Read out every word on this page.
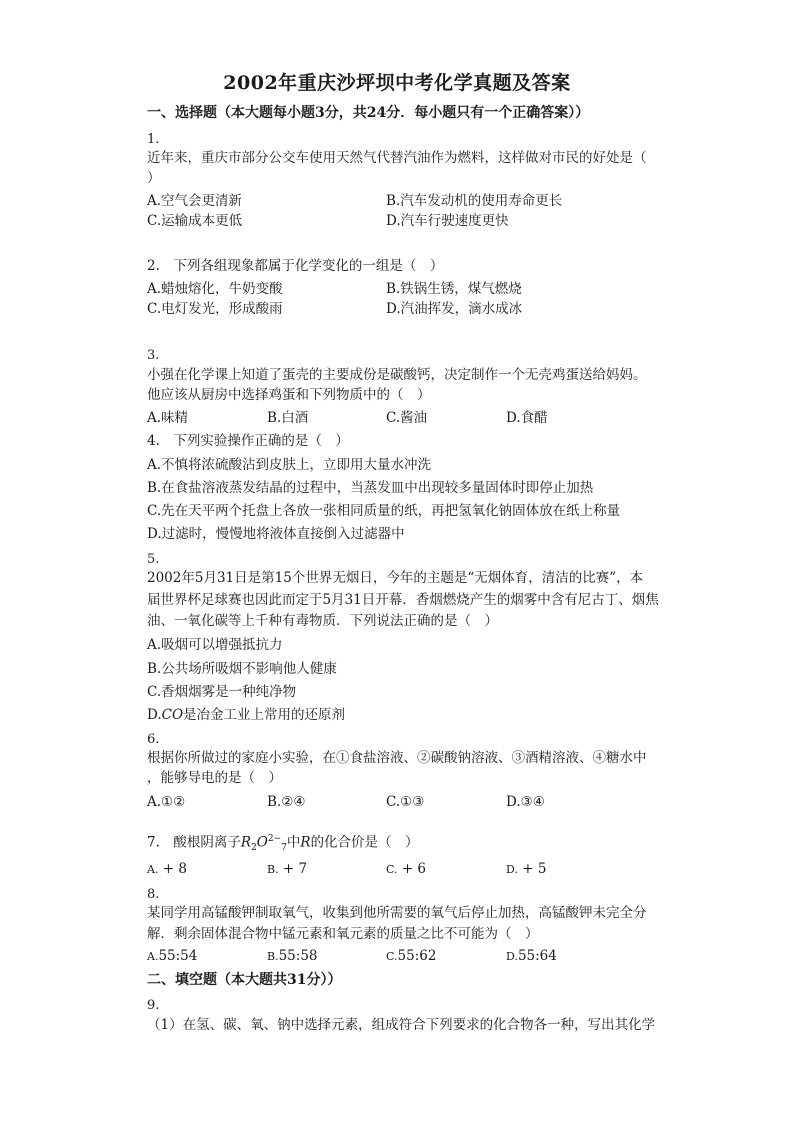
2002年重庆沙坪坝中考化学真题及答案
一、选择题（本大题每小题3分，共24分．每小题只有一个正确答案））
1.
近年来，重庆市部分公交车使用天然气代替汽油作为燃料，这样做对市民的好处是（
）
A.空气会更清新	B.汽车发动机的使用寿命更长
C.运输成本更低	D.汽车行驶速度更快
2.　下列各组现象都属于化学变化的一组是（　）
A.蜡烛熔化，牛奶变酸	B.铁锅生锈，煤气燃烧
C.电灯发光，形成酸雨	D.汽油挥发，滴水成冰
3.
小强在化学课上知道了蛋壳的主要成份是碳酸钙，决定制作一个无壳鸡蛋送给妈妈。
他应该从厨房中选择鸡蛋和下列物质中的（　）
A.味精	B.白酒	C.酱油	D.食醋
4.　下列实验操作正确的是（　）
A.不慎将浓硫酸沾到皮肤上，立即用大量水冲洗
B.在食盐溶液蒸发结晶的过程中，当蒸发皿中出现较多量固体时即停止加热
C.先在天平两个托盘上各放一张相同质量的纸，再把氢氧化钠固体放在纸上称量
D.过滤时，慢慢地将液体直接倒入过滤器中
5.
2002年5月31日是第15个世界无烟日，今年的主题是“无烟体育，清洁的比赛”，本
届世界杯足球赛也因此而定于5月31日开幕．香烟燃烧产生的烟雾中含有尼古丁、烟焦
油、一氧化碳等上千种有毒物质．下列说法正确的是（　）
A.吸烟可以增强抵抗力
B.公共场所吸烟不影响他人健康
C.香烟烟雾是一种纯净物
D.CO是冶金工业上常用的还原剂
6.
根据你所做过的家庭小实验，在①食盐溶液、②碳酸钠溶液、③酒精溶液、④糖水中
，能够导电的是（　）
A.①②	B.②④	C.①③	D.③④
7.　酸根阴离子$R_2O^{2-}_7$中R的化合价是（　）
A. + 8	B. + 7	C. + 6	D. + 5
8.
某同学用高锰酸钾制取氧气，收集到他所需要的氧气后停止加热，高锰酸钾未完全分
解．剩余固体混合物中锰元素和氧元素的质量之比不可能为（　）
A.55:54	B.55:58	C.55:62	D.55:64
二、填空题（本大题共31分））
9.
（1）在氢、碳、氧、钠中选择元素，组成符合下列要求的化合物各一种，写出其化学
